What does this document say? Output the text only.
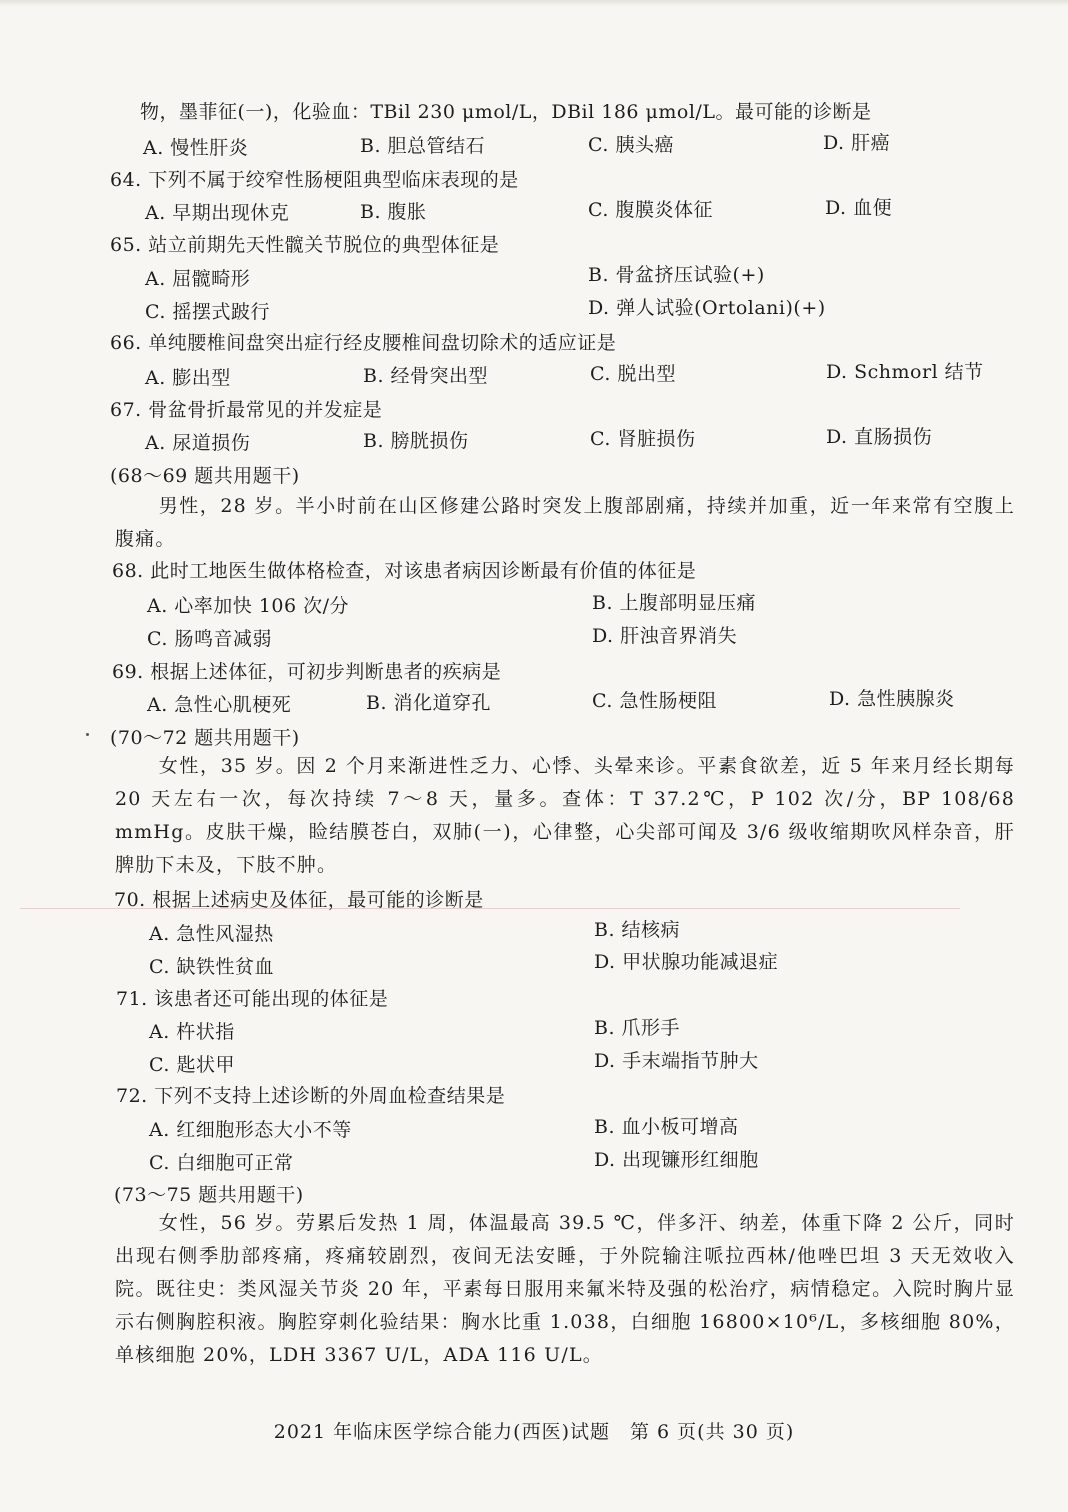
物，墨菲征(一)，化验血：TBil 230 μmol/L，DBil 186 μmol/L。最可能的诊断是
A. 慢性肝炎	B. 胆总管结石	C. 胰头癌	D. 肝癌
64. 下列不属于绞窄性肠梗阻典型临床表现的是
A. 早期出现休克	B. 腹胀	C. 腹膜炎体征	D. 血便
65. 站立前期先天性髋关节脱位的典型体征是
A. 屈髋畸形	B. 骨盆挤压试验(+)
C. 摇摆式跛行	D. 弹人试验(Ortolani)(+)
66. 单纯腰椎间盘突出症行经皮腰椎间盘切除术的适应证是
A. 膨出型	B. 经骨突出型	C. 脱出型	D. Schmorl 结节
67. 骨盆骨折最常见的并发症是
A. 尿道损伤	B. 膀胱损伤	C. 肾脏损伤	D. 直肠损伤
(68～69 题共用题干)
男性，28 岁。半小时前在山区修建公路时突发上腹部剧痛，持续并加重，近一年来常有空腹上腹痛。
68. 此时工地医生做体格检查，对该患者病因诊断最有价值的体征是
A. 心率加快 106 次/分	B. 上腹部明显压痛
C. 肠鸣音减弱	D. 肝浊音界消失
69. 根据上述体征，可初步判断患者的疾病是
A. 急性心肌梗死	B. 消化道穿孔	C. 急性肠梗阻	D. 急性胰腺炎
(70～72 题共用题干)
女性，35 岁。因 2 个月来渐进性乏力、心悸、头晕来诊。平素食欲差，近 5 年来月经长期每 20 天左右一次，每次持续 7～8 天，量多。查体：T 37.2℃，P 102 次/分，BP 108/68 mmHg。皮肤干燥，睑结膜苍白，双肺(一)，心律整，心尖部可闻及 3/6 级收缩期吹风样杂音，肝脾肋下未及，下肢不肿。
70. 根据上述病史及体征，最可能的诊断是
A. 急性风湿热	B. 结核病
C. 缺铁性贫血	D. 甲状腺功能减退症
71. 该患者还可能出现的体征是
A. 杵状指	B. 爪形手
C. 匙状甲	D. 手末端指节肿大
72. 下列不支持上述诊断的外周血检查结果是
A. 红细胞形态大小不等	B. 血小板可增高
C. 白细胞可正常	D. 出现镰形红细胞
(73～75 题共用题干)
女性，56 岁。劳累后发热 1 周，体温最高 39.5 ℃，伴多汗、纳差，体重下降 2 公斤，同时出现右侧季肋部疼痛，疼痛较剧烈，夜间无法安睡，于外院输注哌拉西林/他唑巴坦 3 天无效收入院。既往史：类风湿关节炎 20 年，平素每日服用来氟米特及强的松治疗，病情稳定。入院时胸片显示右侧胸腔积液。胸腔穿刺化验结果：胸水比重 1.038，白细胞 16800×10⁶/L，多核细胞 80%，单核细胞 20%，LDH 3367 U/L，ADA 116 U/L。
2021 年临床医学综合能力(西医)试题　第 6 页(共 30 页)
